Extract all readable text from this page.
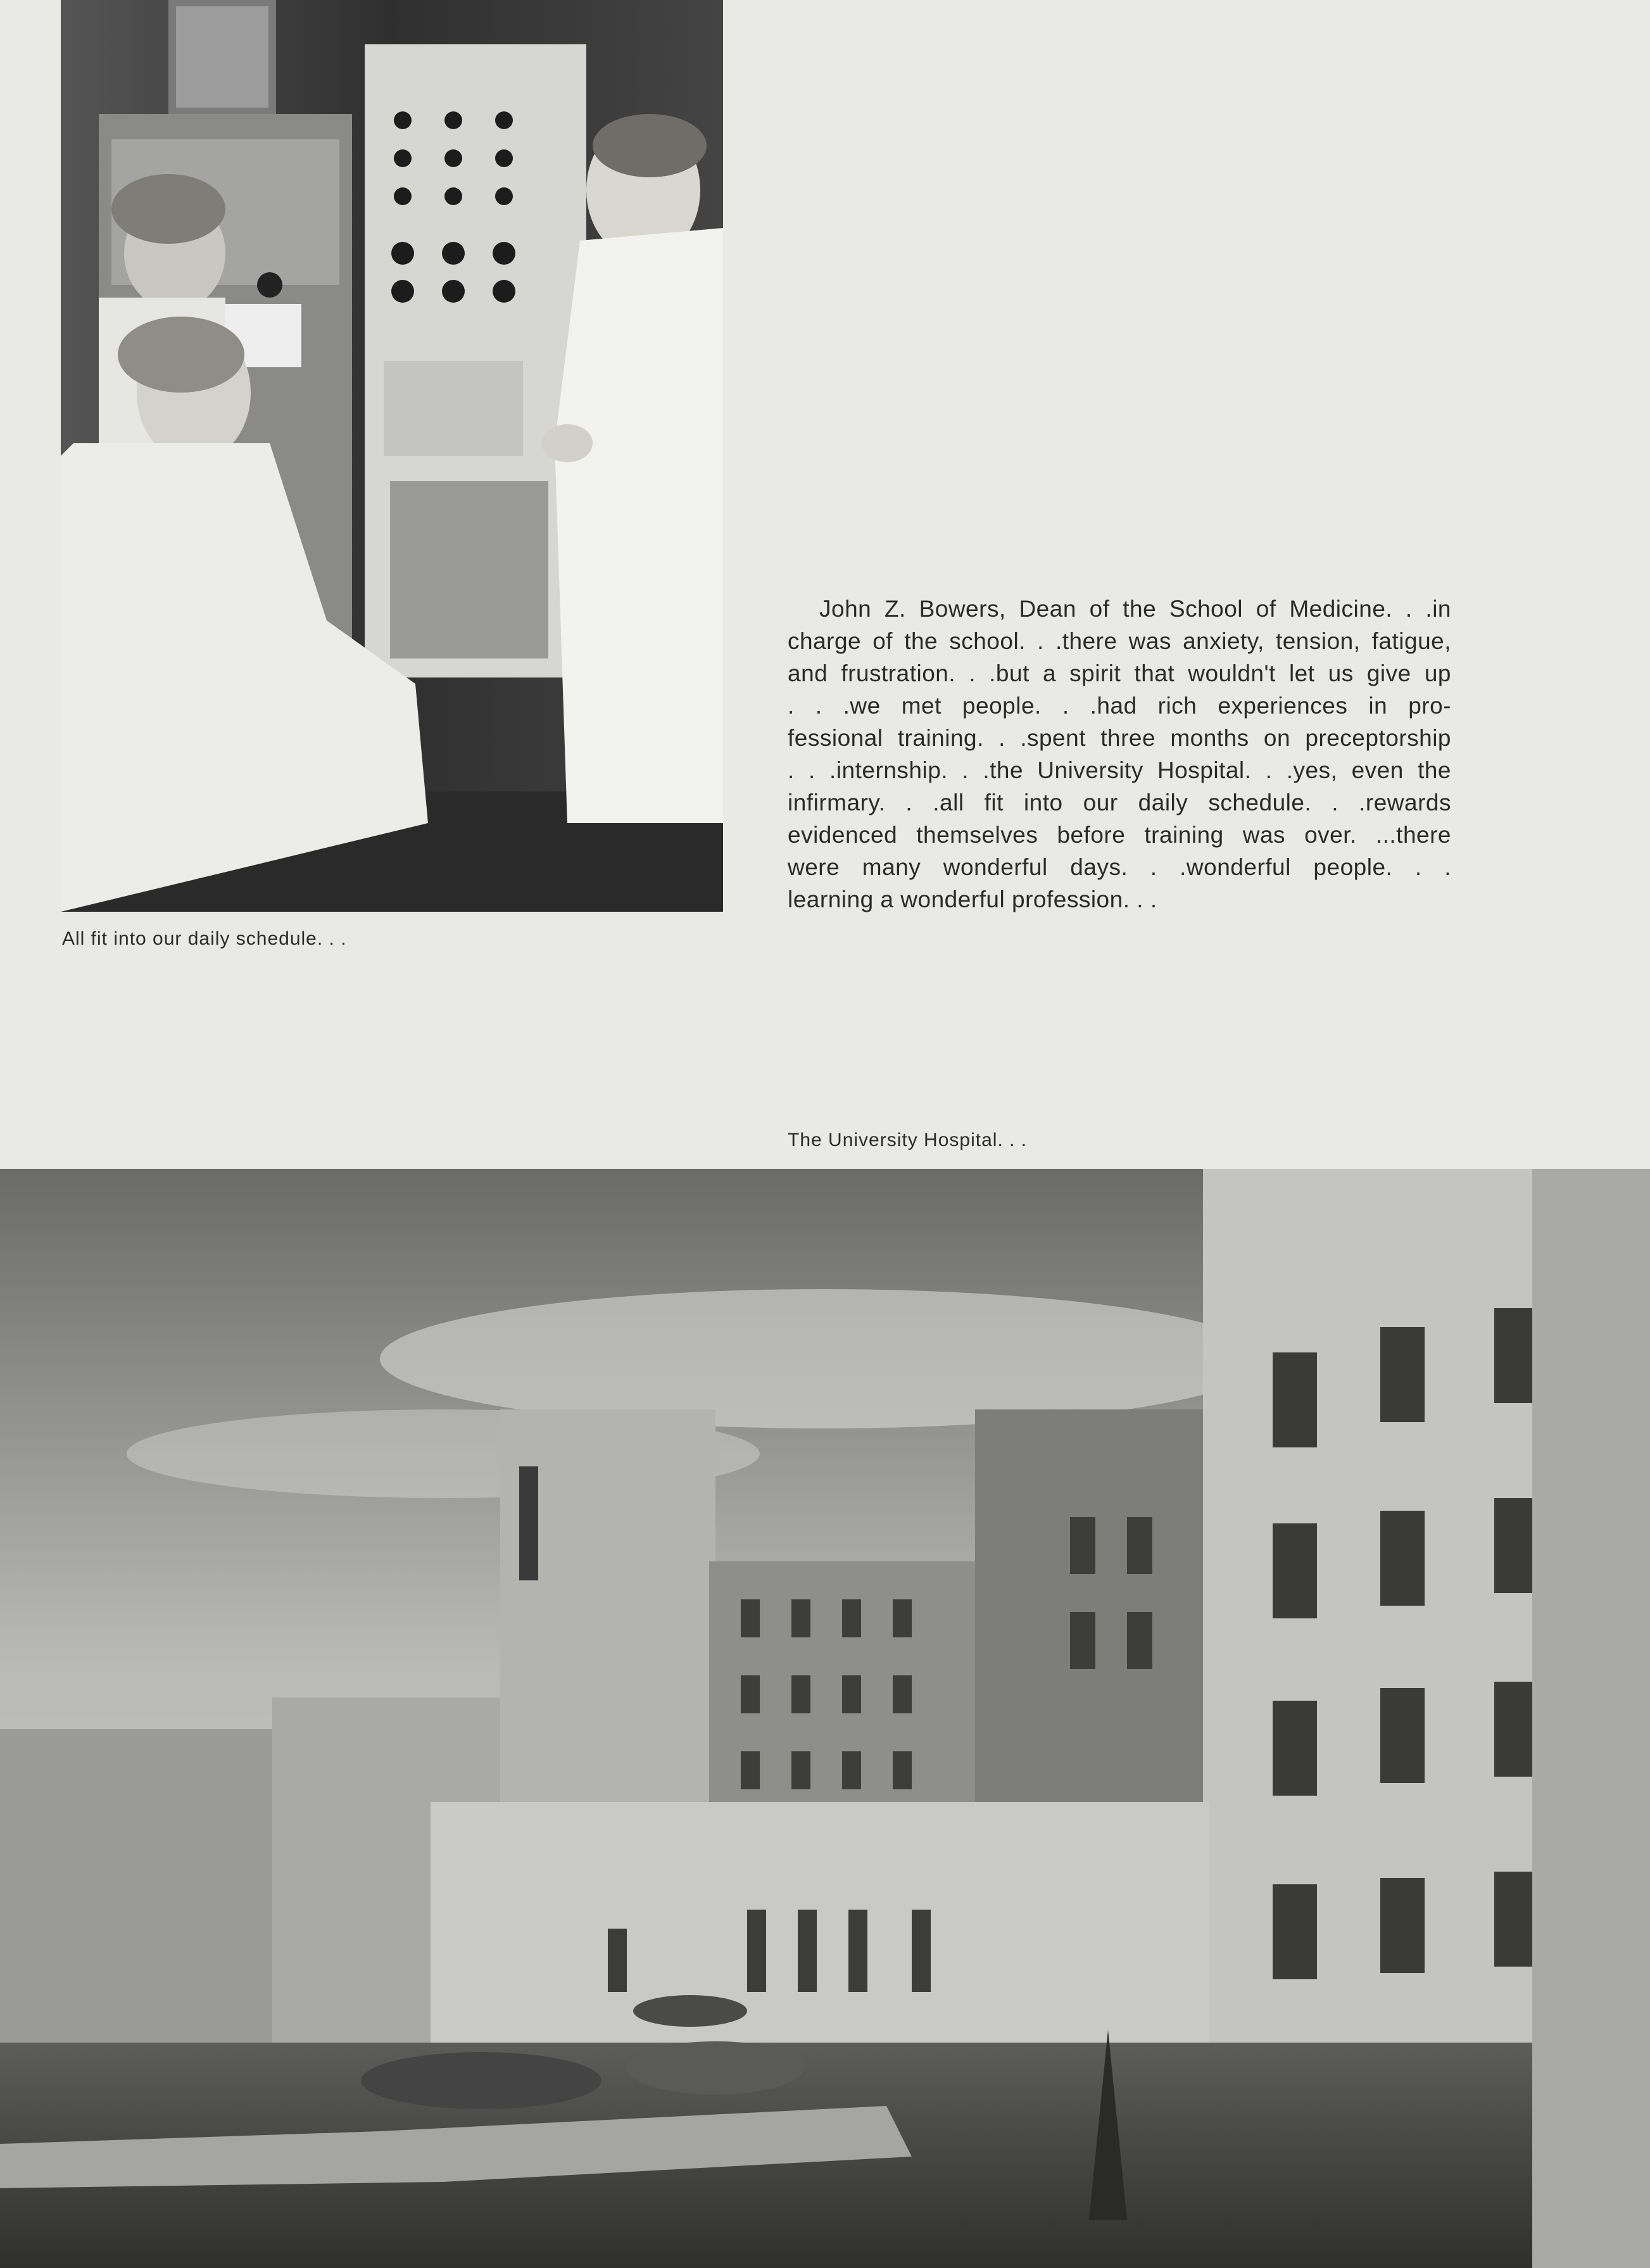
All fit into our daily schedule. . .
John Z. Bowers, Dean of the School of Medicine. . .in
charge of the school. . .there was anxiety, tension, fatigue,
and frustration. . .but a spirit that wouldn't let us give up
. . .we met people. . .had rich experiences in pro-
fessional training. . .spent three months on preceptorship
. . .internship. . .the University Hospital. . .yes, even the
infirmary. . .all fit into our daily schedule. . .rewards
evidenced themselves before training was over. ...there
were many wonderful days. . .wonderful people. . .
learning a wonderful profession. . .
The University Hospital. . .
